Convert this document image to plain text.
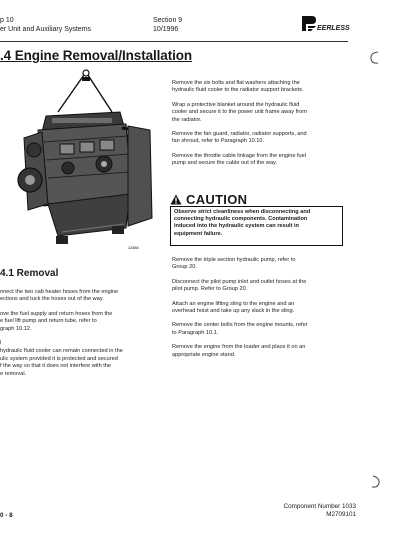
p 10
er Unit and Auxiliary Systems
Section 9
10/1996	EERLESS
.4 Engine Removal/Installation
12888
Remove the six bolts and flat washers attaching the
hydraulic fluid cooler to the radiator support brackets.
Wrap a protective blanket around the hydraulic fluid
cooler and secure it to the power unit frame away from
the radiator.
Remove the fan guard, radiator, radiator supports, and
fan shroud, refer to Paragraph 10.10.
Remove the throttle cable linkage from the engine fuel
pump and secure the cable out of the way.
CAUTION
Observe strict cleanliness when disconnecting and
connecting hydraulic components. Contamination
induced into the hydraulic system can result in
equipment failure.
Remove the triple section hydraulic pump, refer to
Group 20.
Disconnect the pilot pump inlet and outlet hoses at the
pilot pump. Refer to Group 20.
Attach an engine lifting sling to the engine and an
overhead hoist and take up any slack in the sling.
Remove the center bolts from the engine mounts, refer
to Paragraph 10.1.
Remove the engine from the loader and place it on an
appropriate engine stand.
4.1 Removal
nnect the two cab heater hoses from the engine
ections and tuck the hoses out of the way.
ove the fuel supply and return hoses from the
e fuel lift pump and return tube, refer to
graph 10.12.
l
hydraulic fluid cooler can remain connected in the
ulic system provided it is protected and secured
f the way so that it does not interfere with the
e removal.
0 - 8
Component Number 1033
M2709101
